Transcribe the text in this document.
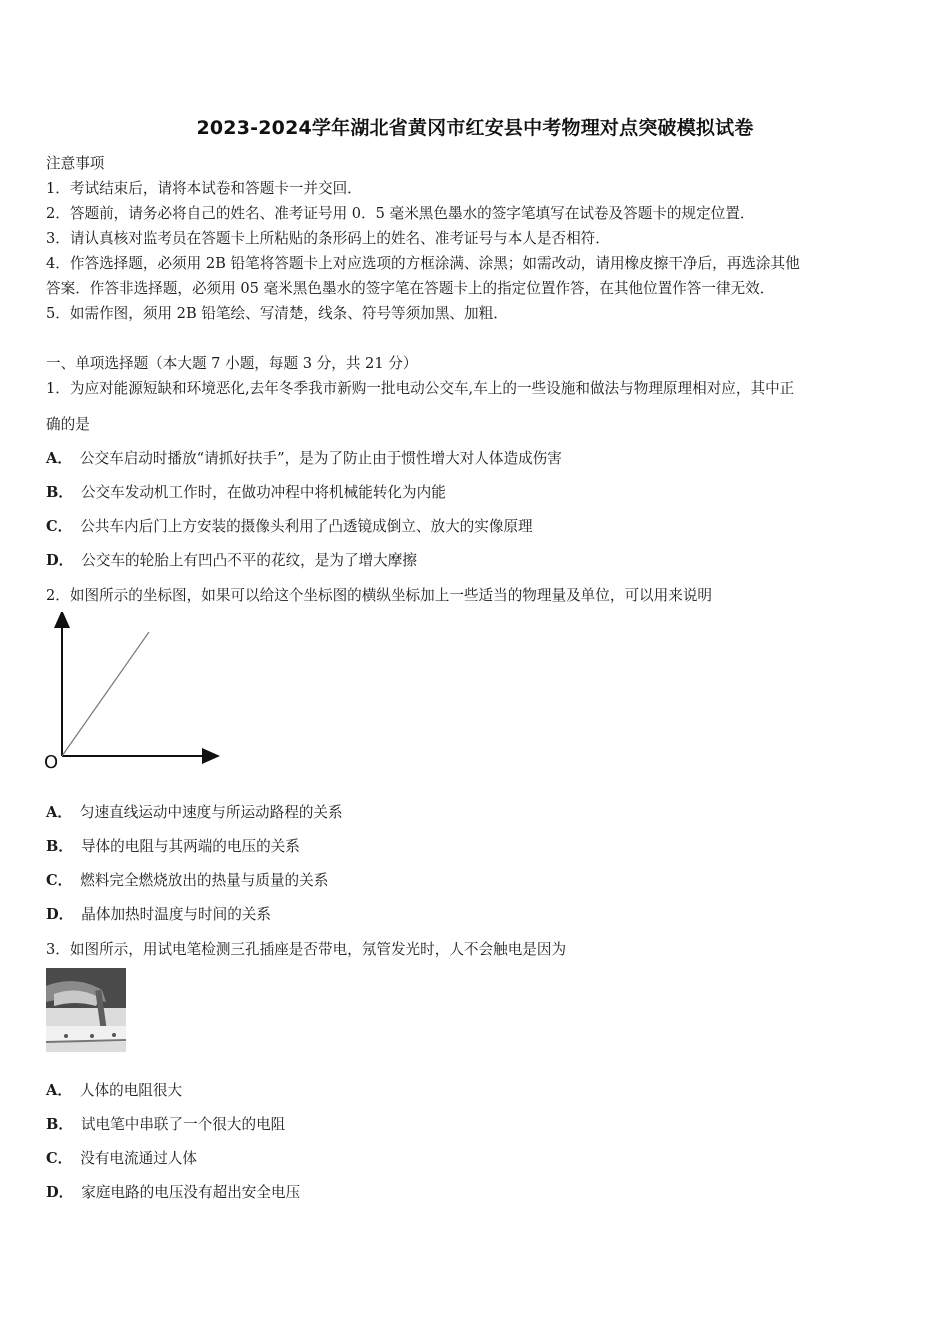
2023-2024学年湖北省黄冈市红安县中考物理对点突破模拟试卷
注意事项
1．考试结束后，请将本试卷和答题卡一并交回．
2．答题前，请务必将自己的姓名、准考证号用 0．5 毫米黑色墨水的签字笔填写在试卷及答题卡的规定位置．
3．请认真核对监考员在答题卡上所粘贴的条形码上的姓名、准考证号与本人是否相符．
4．作答选择题，必须用 2B 铅笔将答题卡上对应选项的方框涂满、涂黑；如需改动，请用橡皮擦干净后，再选涂其他
答案．作答非选择题，必须用 05 毫米黑色墨水的签字笔在答题卡上的指定位置作答，在其他位置作答一律无效．
5．如需作图，须用 2B 铅笔绘、写清楚，线条、符号等须加黑、加粗．
一、单项选择题（本大题 7 小题，每题 3 分，共 21 分）
1．为应对能源短缺和环境恶化,去年冬季我市新购一批电动公交车,车上的一些设施和做法与物理原理相对应，其中正
确的是
A． 公交车启动时播放“请抓好扶手”，是为了防止由于惯性增大对人体造成伤害
B． 公交车发动机工作时，在做功冲程中将机械能转化为内能
C． 公共车内后门上方安装的摄像头利用了凸透镜成倒立、放大的实像原理
D． 公交车的轮胎上有凹凸不平的花纹，是为了增大摩擦
2．如图所示的坐标图，如果可以给这个坐标图的横纵坐标加上一些适当的物理量及单位，可以用来说明
O
A． 匀速直线运动中速度与所运动路程的关系
B． 导体的电阻与其两端的电压的关系
C． 燃料完全燃烧放出的热量与质量的关系
D． 晶体加热时温度与时间的关系
3．如图所示，用试电笔检测三孔插座是否带电，氖管发光时，人不会触电是因为
A． 人体的电阻很大
B． 试电笔中串联了一个很大的电阻
C． 没有电流通过人体
D． 家庭电路的电压没有超出安全电压
